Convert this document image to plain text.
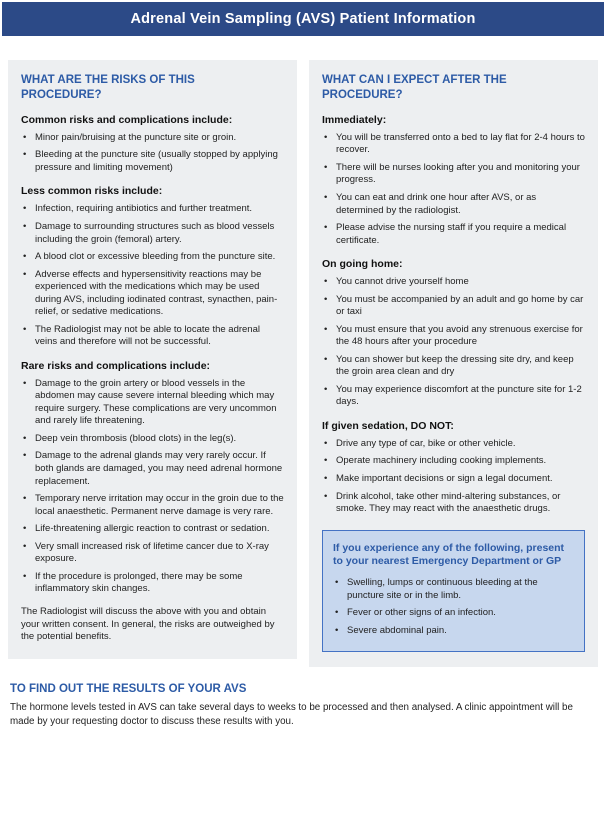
Adrenal Vein Sampling (AVS) Patient Information
WHAT ARE THE RISKS OF THIS PROCEDURE?
Common risks and complications include:
• Minor pain/bruising at the puncture site or groin.
• Bleeding at the puncture site (usually stopped by applying pressure and limiting movement)
Less common risks include:
• Infection, requiring antibiotics and further treatment.
• Damage to surrounding structures such as blood vessels including the groin (femoral) artery.
• A blood clot or excessive bleeding from the puncture site.
• Adverse effects and hypersensitivity reactions may be experienced with the medications which may be used during AVS, including iodinated contrast, synacthen, pain-relief, or sedative medications.
• The Radiologist may not be able to locate the adrenal veins and therefore will not be successful.
Rare risks and complications include:
• Damage to the groin artery or blood vessels in the abdomen may cause severe internal bleeding which may require surgery. These complications are very uncommon and rarely life threatening.
• Deep vein thrombosis (blood clots) in the leg(s).
• Damage to the adrenal glands may very rarely occur. If both glands are damaged, you may need adrenal hormone replacement.
• Temporary nerve irritation may occur in the groin due to the local anaesthetic. Permanent nerve damage is very rare.
• Life-threatening allergic reaction to contrast or sedation.
• Very small increased risk of lifetime cancer due to X-ray exposure.
• If the procedure is prolonged, there may be some inflammatory skin changes.
The Radiologist will discuss the above with you and obtain your written consent. In general, the risks are outweighed by the potential benefits.
WHAT CAN I EXPECT AFTER THE PROCEDURE?
Immediately:
• You will be transferred onto a bed to lay flat for 2-4 hours to recover.
• There will be nurses looking after you and monitoring your progress.
• You can eat and drink one hour after AVS, or as determined by the radiologist.
• Please advise the nursing staff if you require a medical certificate.
On going home:
• You cannot drive yourself home
• You must be accompanied by an adult and go home by car or taxi
• You must ensure that you avoid any strenuous exercise for the 48 hours after your procedure
• You can shower but keep the dressing site dry, and keep the groin area clean and dry
• You may experience discomfort at the puncture site for 1-2 days.
If given sedation, DO NOT:
• Drive any type of car, bike or other vehicle.
• Operate machinery including cooking implements.
• Make important decisions or sign a legal document.
• Drink alcohol, take other mind-altering substances, or smoke. They may react with the anaesthetic drugs.
If you experience any of the following, present to your nearest Emergency Department or GP
• Swelling, lumps or continuous bleeding at the puncture site or in the limb.
• Fever or other signs of an infection.
• Severe abdominal pain.
TO FIND OUT THE RESULTS OF YOUR AVS

The hormone levels tested in AVS can take several days to weeks to be processed and then analysed. A clinic appointment will be made by your requesting doctor to discuss these results with you.
